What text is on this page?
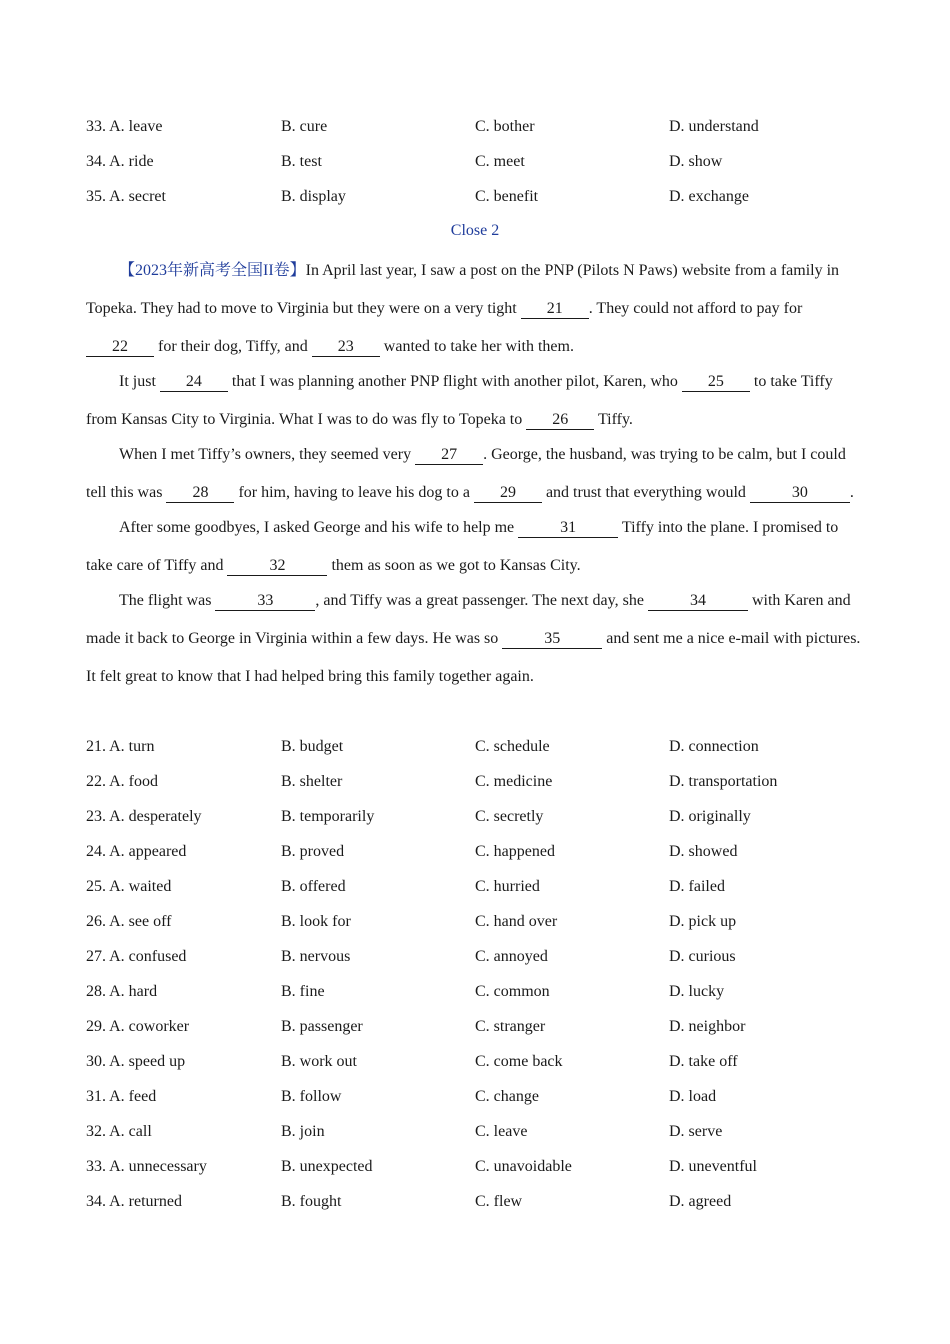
33. A. leave	B. cure	C. bother	D. understand
34. A. ride	B. test	C. meet	D. show
35. A. secret	B. display	C. benefit	D. exchange
Close 2

【2023年新高考全国II卷】In April last year, I saw a post on the PNP (Pilots N Paws) website from a family in Topeka. They had to move to Virginia but they were on a very tight 21 . They could not afford to pay for 22 for their dog, Tiffy, and 23 wanted to take her with them.

It just 24 that I was planning another PNP flight with another pilot, Karen, who 25 to take Tiffy from Kansas City to Virginia. What I was to do was fly to Topeka to 26 Tiffy.

When I met Tiffy’s owners, they seemed very 27 . George, the husband, was trying to be calm, but I could tell this was 28 for him, having to leave his dog to a 29 and trust that everything would	30	.

After some goodbyes, I asked George and his wife to help me	31	Tiffy into the plane. I promised to take care of Tiffy and	32	them as soon as we got to Kansas City.

The flight was	33	, and Tiffy was a great passenger. The next day, she	34	with Karen and made it back to George in Virginia within a few days. He was so	35	and sent me a nice e-mail with pictures. It felt great to know that I had helped bring this family together again.

21. A. turn	B. budget	C. schedule	D. connection
22. A. food	B. shelter	C. medicine	D. transportation
23. A. desperately	B. temporarily	C. secretly	D. originally
24. A. appeared	B. proved	C. happened	D. showed
25. A. waited	B. offered	C. hurried	D. failed
26. A. see off	B. look for	C. hand over	D. pick up
27. A. confused	B. nervous	C. annoyed	D. curious
28. A. hard	B. fine	C. common	D. lucky
29. A. coworker	B. passenger	C. stranger	D. neighbor
30. A. speed up	B. work out	C. come back	D. take off
31. A. feed	B. follow	C. change	D. load
32. A. call	B. join	C. leave	D. serve
33. A. unnecessary	B. unexpected	C. unavoidable	D. uneventful
34. A. returned	B. fought	C. flew	D. agreed
